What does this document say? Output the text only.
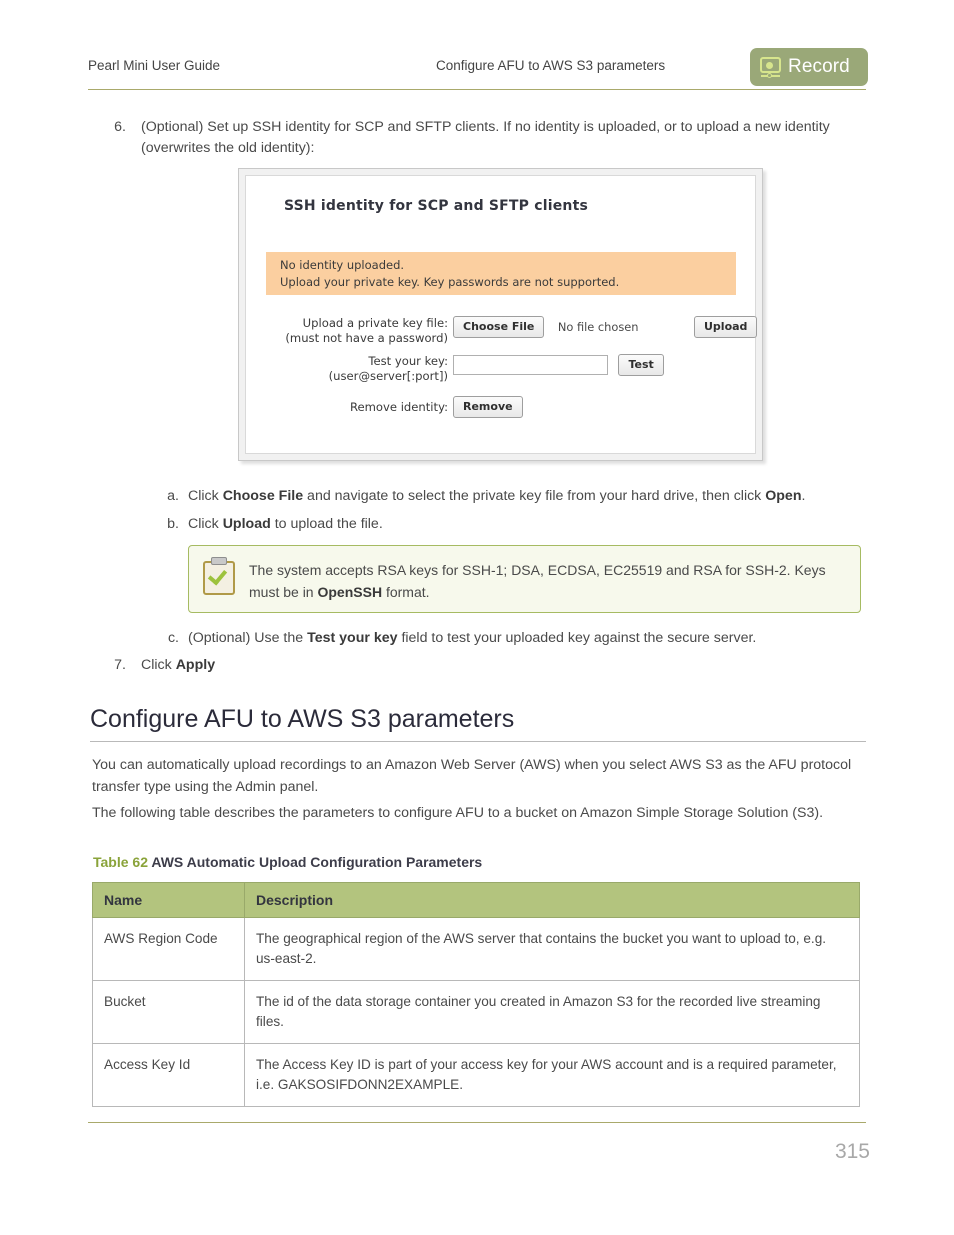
Pearl Mini User Guide	Configure AFU to AWS S3 parameters	Record
6. (Optional) Set up SSH identity for SCP and SFTP clients. If no identity is uploaded, or to upload a new identity (overwrites the old identity):
SSH identity for SCP and SFTP clients
No identity uploaded.
Upload your private key. Key passwords are not supported.
Upload a private key file:
(must not have a password)
Choose File No file chosen	Upload
Test your key:
(user@server[:port])
Test
Remove identity:	Remove
a. Click Choose File and navigate to select the private key file from your hard drive, then click Open.
b. Click Upload to upload the file.
The system accepts RSA keys for SSH-1; DSA, ECDSA, EC25519 and RSA for SSH-2. Keys must be in OpenSSH format.
c. (Optional) Use the Test your key field to test your uploaded key against the secure server.
7. Click Apply
Configure AFU to AWS S3 parameters
You can automatically upload recordings to an Amazon Web Server (AWS) when you select AWS S3 as the AFU protocol transfer type using the Admin panel.
The following table describes the parameters to configure AFU to a bucket on Amazon Simple Storage Solution (S3).
Table 62 AWS Automatic Upload Configuration Parameters
Name	Description
AWS Region Code	The geographical region of the AWS server that contains the bucket you want to upload to, e.g. us-east-2.
Bucket	The id of the data storage container you created in Amazon S3 for the recorded live streaming files.
Access Key Id	The Access Key ID is part of your access key for your AWS account and is a required parameter, i.e. GAKSOSIFDONN2EXAMPLE.
315
